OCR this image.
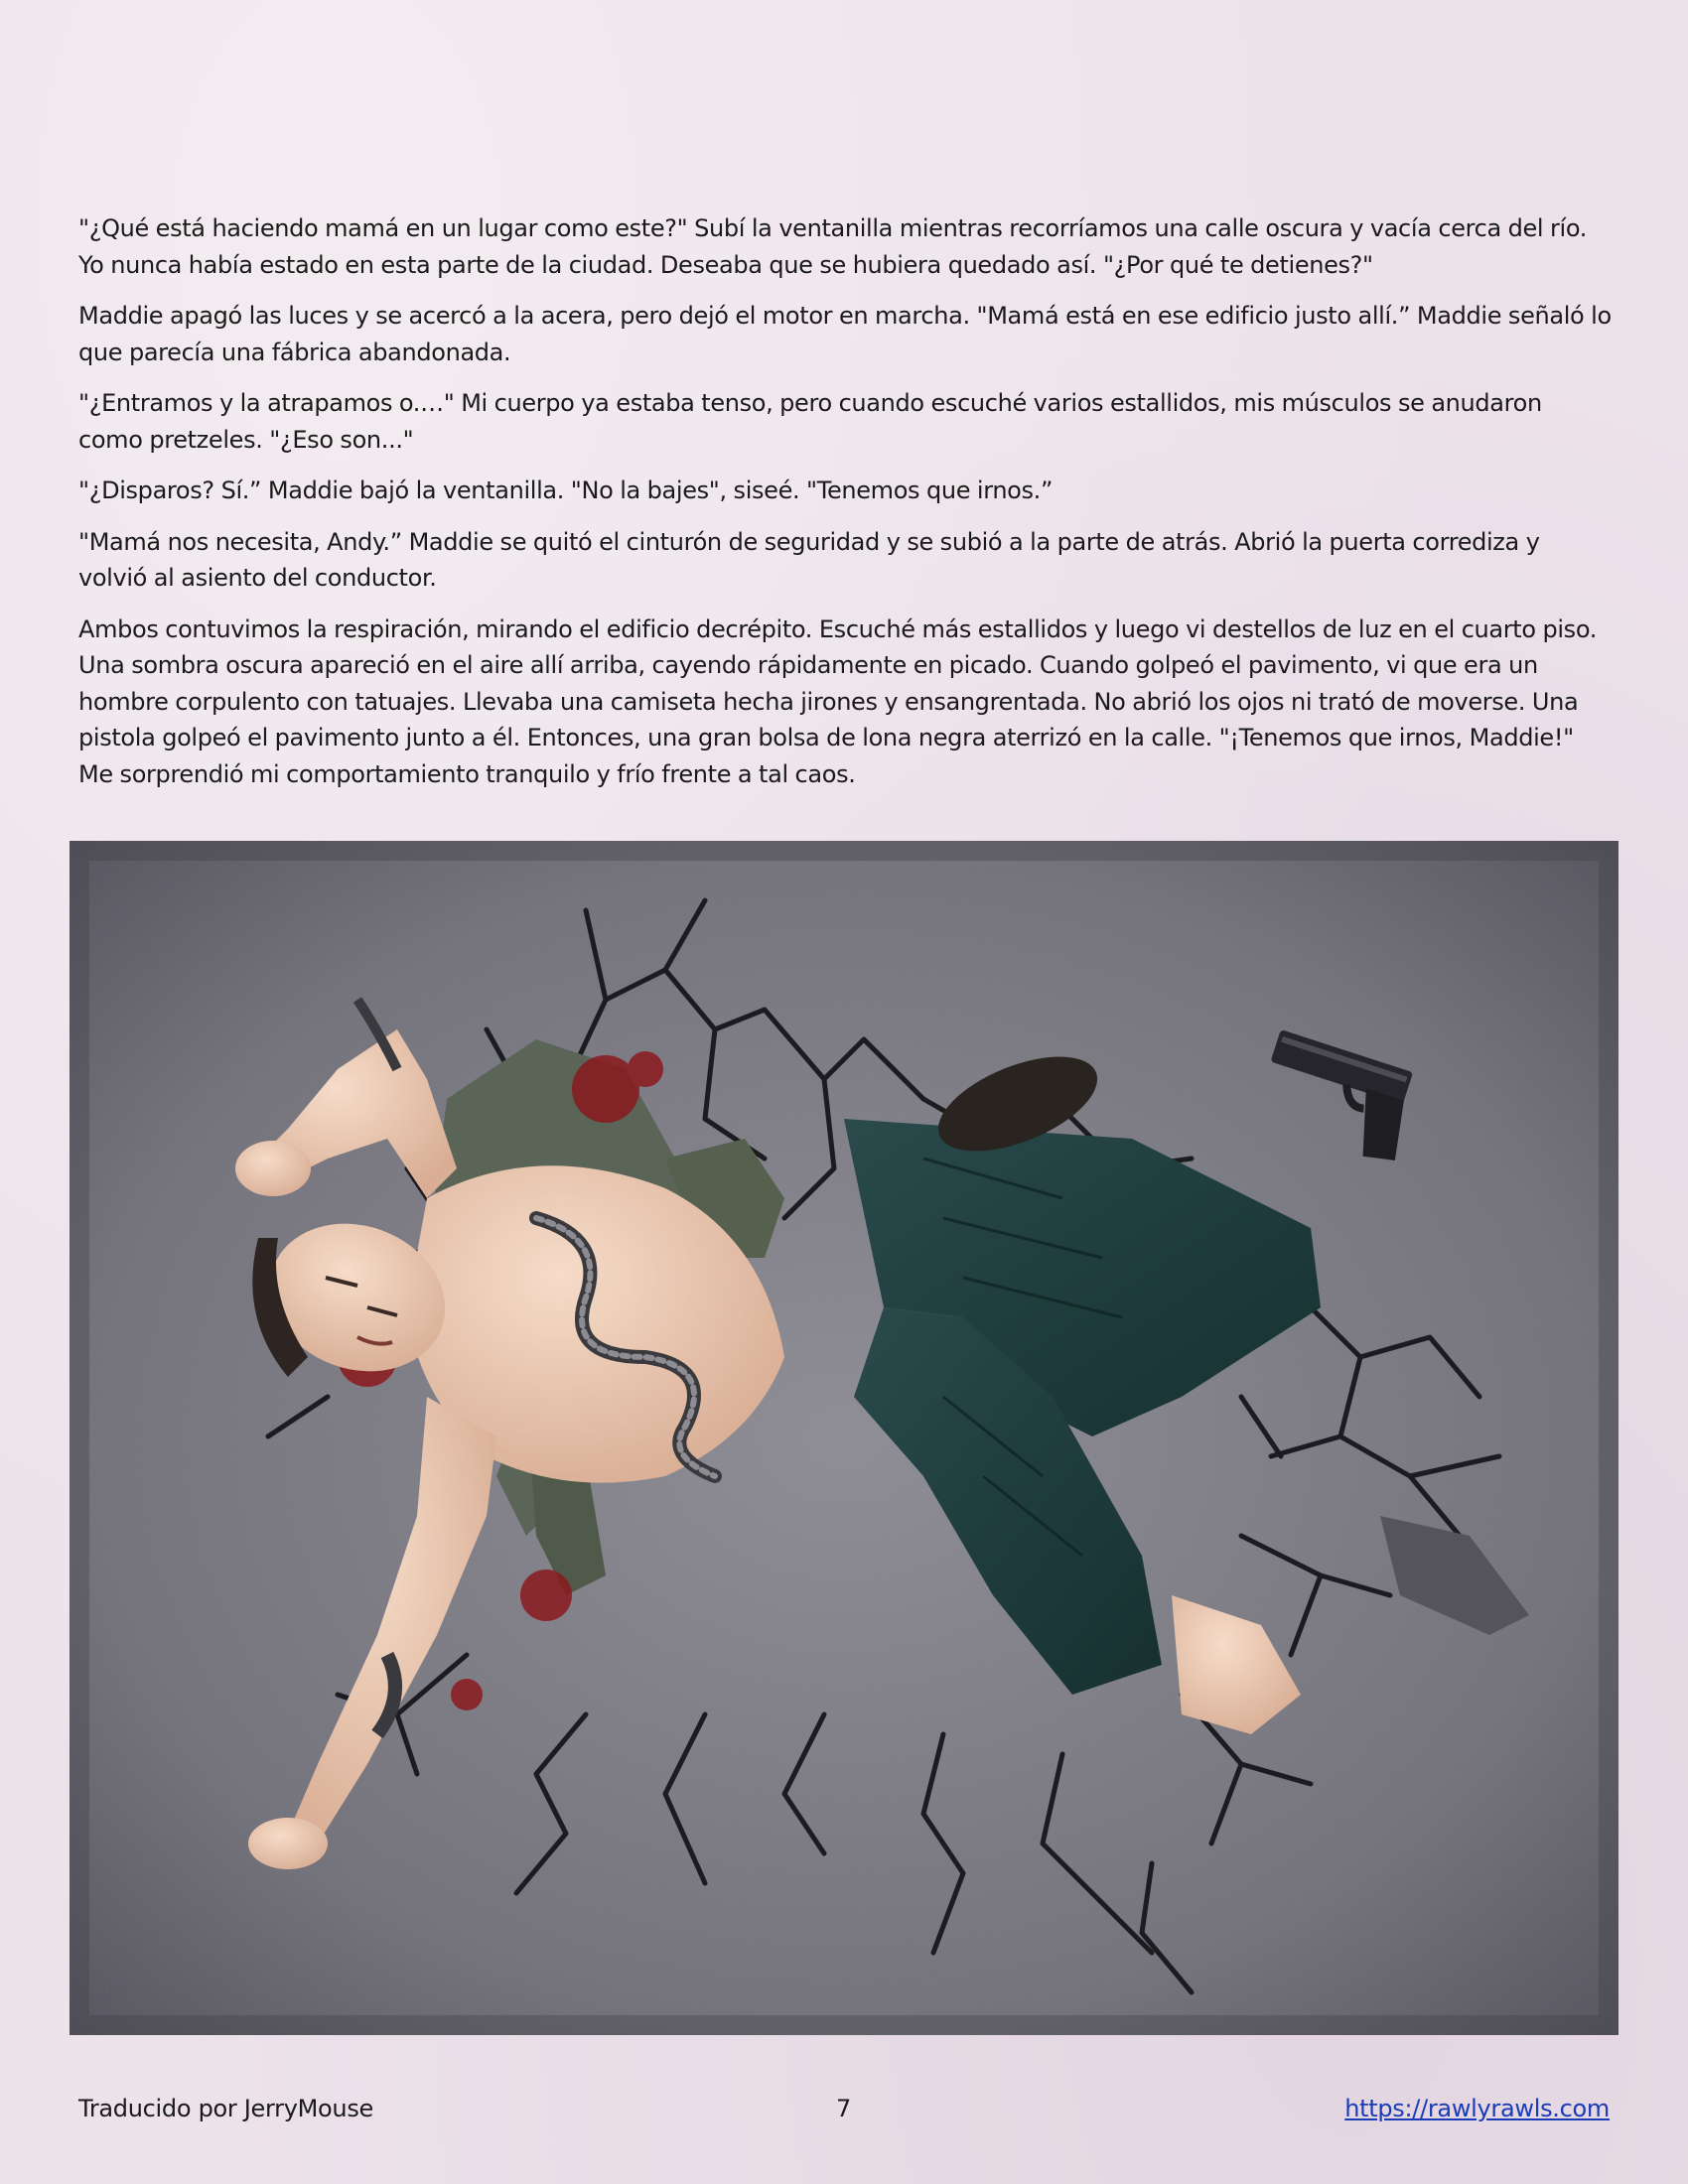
"¿Qué está haciendo mamá en un lugar como este?" Subí la ventanilla mientras recorríamos una calle oscura y vacía cerca del río. Yo nunca había estado en esta parte de la ciudad. Deseaba que se hubiera quedado así. "¿Por qué te detienes?"

Maddie apagó las luces y se acercó a la acera, pero dejó el motor en marcha. "Mamá está en ese edificio justo allí.” Maddie señaló lo que parecía una fábrica abandonada.

"¿Entramos y la atrapamos o.…" Mi cuerpo ya estaba tenso, pero cuando escuché varios estallidos, mis músculos se anudaron como pretzeles. "¿Eso son..."

"¿Disparos? Sí.” Maddie bajó la ventanilla. "No la bajes", siseé. "Tenemos que irnos.”

"Mamá nos necesita, Andy.” Maddie se quitó el cinturón de seguridad y se subió a la parte de atrás. Abrió la puerta corrediza y volvió al asiento del conductor.

Ambos contuvimos la respiración, mirando el edificio decrépito. Escuché más estallidos y luego vi destellos de luz en el cuarto piso. Una sombra oscura apareció en el aire allí arriba, cayendo rápidamente en picado. Cuando golpeó el pavimento, vi que era un hombre corpulento con tatuajes. Llevaba una camiseta hecha jirones y ensangrentada. No abrió los ojos ni trató de moverse. Una pistola golpeó el pavimento junto a él. Entonces, una gran bolsa de lona negra aterrizó en la calle. "¡Tenemos que irnos, Maddie!" Me sorprendió mi comportamiento tranquilo y frío frente a tal caos.

Traducido por JerryMouse	7	https://rawlyrawls.com
